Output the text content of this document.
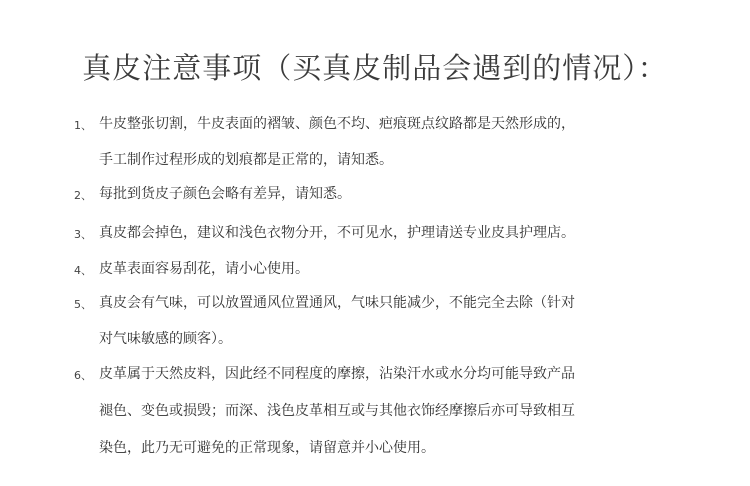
真皮注意事项（买真皮制品会遇到的情况）：
1、 牛皮整张切割，牛皮表面的褶皱、颜色不均、疤痕斑点纹路都是天然形成的，
手工制作过程形成的划痕都是正常的，请知悉。
2、 每批到货皮子颜色会略有差异，请知悉。
3、 真皮都会掉色，建议和浅色衣物分开，不可见水，护理请送专业皮具护理店。
4、 皮革表面容易刮花，请小心使用。
5、 真皮会有气味，可以放置通风位置通风，气味只能减少，不能完全去除（针对
对气味敏感的顾客）。
6、 皮革属于天然皮料，因此经不同程度的摩擦，沾染汗水或水分均可能导致产品
褪色、变色或损毁；而深、浅色皮革相互或与其他衣饰经摩擦后亦可导致相互
染色，此乃无可避免的正常现象，请留意并小心使用。
